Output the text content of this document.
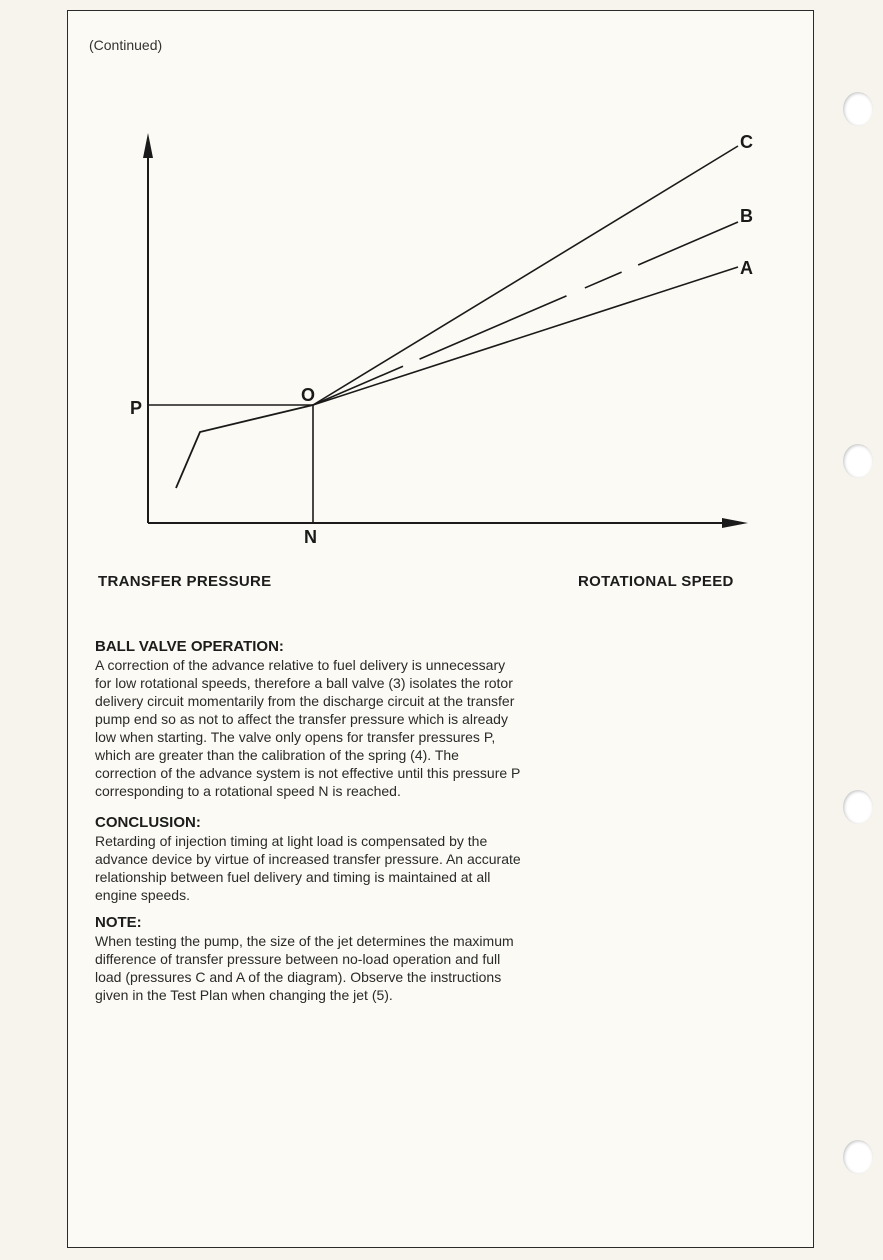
(Continued)
P
O
N
C
B
A
TRANSFER PRESSURE	ROTATIONAL SPEED

BALL VALVE OPERATION:

A correction of the advance relative to fuel delivery is unnecessary

for low rotational speeds, therefore a ball valve (3) isolates the rotor

delivery circuit momentarily from the discharge circuit at the transfer

pump end so as not to affect the transfer pressure which is already

low when starting. The valve only opens for transfer pressures P,

which are greater than the calibration of the spring (4). The

correction of the advance system is not effective until this pressure P

corresponding to a rotational speed N is reached.

CONCLUSION:

Retarding of injection timing at light load is compensated by the

advance device by virtue of increased transfer pressure. An accurate

relationship between fuel delivery and timing is maintained at all

engine speeds.

NOTE:

When testing the pump, the size of the jet determines the maximum

difference of transfer pressure between no-load operation and full

load (pressures C and A of the diagram). Observe the instructions

given in the Test Plan when changing the jet (5).
